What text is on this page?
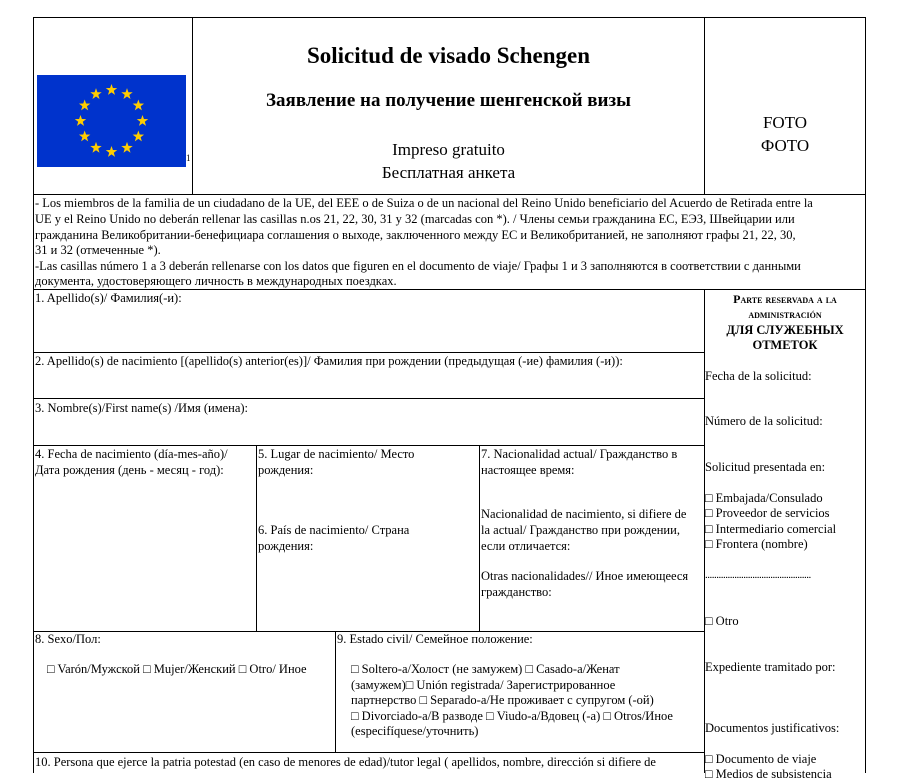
1
Solicitud de visado Schengen
Заявление на получение шенгенской визы
Impreso gratuito
Бесплатная анкета
FOTO
ФОТО
- Los miembros de la familia de un ciudadano de la UE, del EEE o de Suiza o de un nacional del Reino Unido beneficiario del Acuerdo de Retirada entre la
UE y el Reino Unido no deberán rellenar las casillas n.os 21, 22, 30, 31 y 32 (marcadas con *). / Члены семьи гражданина ЕС, ЕЭЗ, Швейцарии или
гражданина Великобритании-бенефициара соглашения о выходе, заключенного между ЕС и Великобританией, не заполняют графы 21, 22, 30,
31 и 32 (отмеченные *).
-Las casillas número 1 a 3 deberán rellenarse con los datos que figuren en el documento de viaje/ Графы 1 и 3 заполняются в соответствии с данными
документа, удостоверяющего личность в международных поездках.
1. Apellido(s)/ Фамилия(-и):
2. Apellido(s) de nacimiento [(apellido(s) anterior(es)]/ Фамилия при рождении (предыдущая (-ие) фамилия (-и)):
3. Nombre(s)/First name(s) /Имя (имена):
4. Fecha de nacimiento (día-mes-año)/
Дата рождения (день - месяц - год):
5. Lugar de nacimiento/ Место
рождения:
6. País de nacimiento/ Страна
рождения:
7. Nacionalidad actual/ Гражданство в
настоящее время:
Nacionalidad de nacimiento, si difiere de
la actual/ Гражданство при рождении,
если отличается:
Otras nacionalidades// Иное имеющееся
гражданство:
8. Sexo/Пол:
□ Varón/Мужской □ Mujer/Женский □ Otro/ Иное
9. Estado civil/ Семейное положение:
□ Soltero-a/Холост (не замужем) □ Casado-a/Женат
(замужем)□ Unión registrada/ Зарегистрированное
партнерство □ Separado-a/Не проживает с супругом (-ой)
□ Divorciado-a/В разводе □ Viudo-a/Вдовец (-а) □ Otros/Иное
(especifíquese/уточнить)
10. Persona que ejerce la patria potestad (en caso de menores de edad)/tutor legal ( apellidos, nombre, dirección si difiere de
Parte reservada a la
administración
ДЛЯ СЛУЖЕБНЫХ
ОТМЕТОК
Fecha de la solicitud:
Número de la solicitud:
Solicitud presentada en:
□ Embajada/Consulado
□ Proveedor de servicios
□ Intermediario comercial
□ Frontera (nombre)
...............................................
□ Otro
Expediente tramitado por:
Documentos justificativos:
□ Documento de viaje
□ Medios de subsistencia
